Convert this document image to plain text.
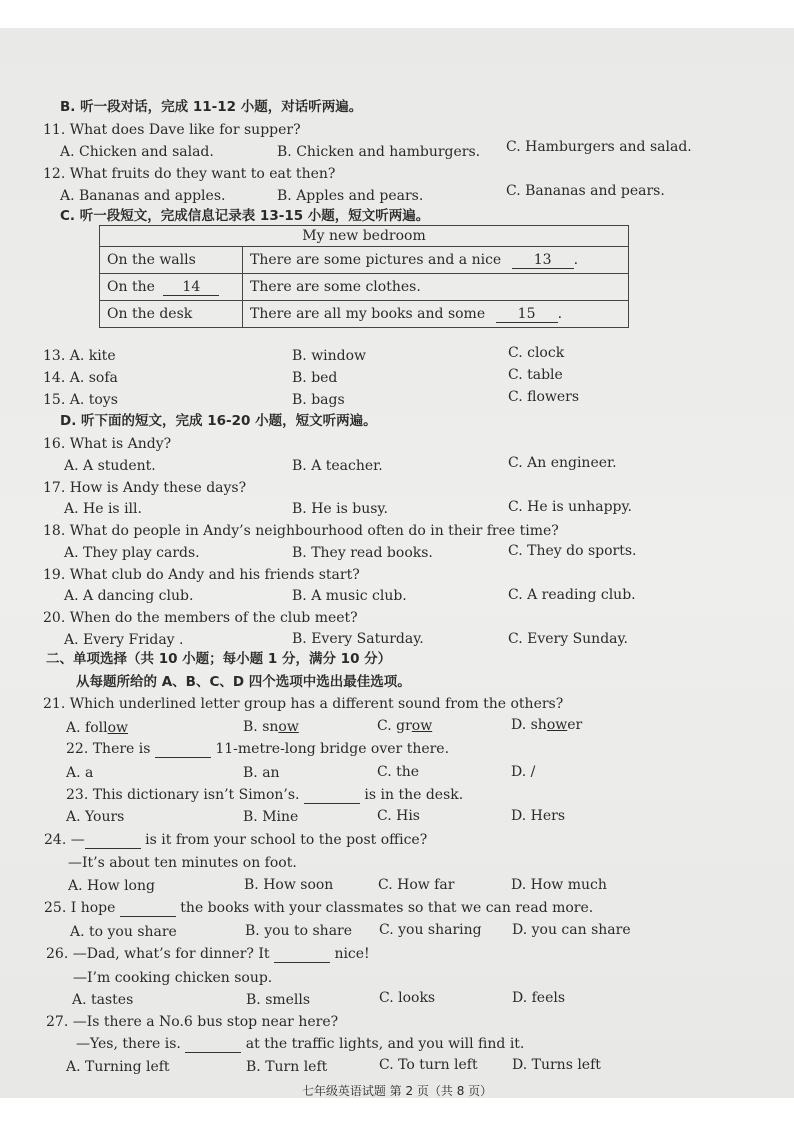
B. 听一段对话，完成 11-12 小题，对话听两遍。
11. What does Dave like for supper?
A. Chicken and salad.	B. Chicken and hamburgers. C. Hamburgers and salad.
12. What fruits do they want to eat then?
A. Bananas and apples.	B. Apples and pears.	C. Bananas and pears.
C. 听一段短文，完成信息记录表 13-15 小题，短文听两遍。
My new bedroom	
On the walls	There are some pictures and a nice 13 .
On the 14	There are some clothes.
On the desk	There are all my books and some 15 .
13. A. kite	B. window	C. clock
14. A. sofa	B. bed	C. table
15. A. toys	B. bags	C. flowers
D. 听下面的短文，完成 16-20 小题，短文听两遍。
16. What is Andy?
A. A student.	B. A teacher.	C. An engineer.
17. How is Andy these days?
A. He is ill.	B. He is busy.	C. He is unhappy.
18. What do people in Andy’s neighbourhood often do in their free time?
A. They play cards.	B. They read books.	C. They do sports.
19. What club do Andy and his friends start?
A. A dancing club.	B. A music club.	C. A reading club.
20. When do the members of the club meet?
A. Every Friday .	B. Every Saturday.	C. Every Sunday.
二、单项选择（共 10 小题；每小题 1 分，满分 10 分）
从每题所给的 A、B、C、D 四个选项中选出最佳选项。
21. Which underlined letter group has a different sound from the others?
A. follow	B. snow	C. grow	D. shower
22. There is	11-metre-long bridge over there.
A. a	B. an	C. the	D. /
23. This dictionary isn’t Simon’s.	is in the desk.
A. Yours	B. Mine	C. His	D. Hers
24. —	is it from your school to the post office?
—It’s about ten minutes on foot.
A. How long	B. How soon	C. How far	D. How much
25. I hope	the books with your classmates so that we can read more.
A. to you share	B. you to share C. you sharing D. you can share
26. —Dad, what’s for dinner? It	nice!
—I’m cooking chicken soup.
A. tastes	B. smells	C. looks	D. feels
27. —Is there a No.6 bus stop near here?
—Yes, there is.	at the traffic lights, and you will find it.
A. Turning left	B. Turn left	C. To turn left D. Turns left
七年级英语试题 第 2 页（共 8 页）
